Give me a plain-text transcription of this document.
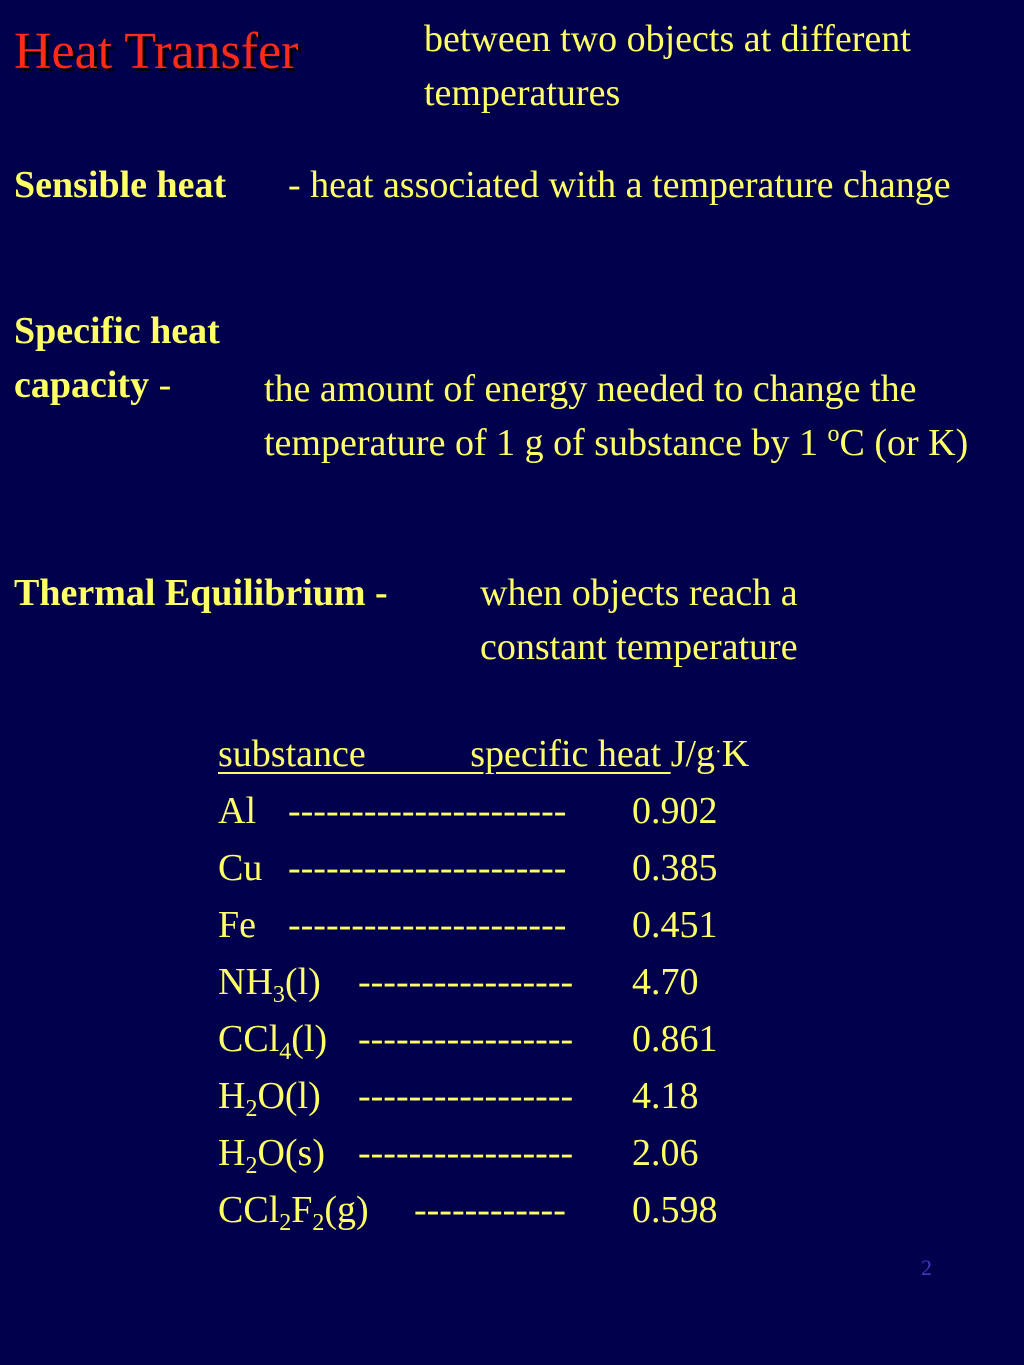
Heat Transfer	between two objects at different temperatures
Sensible heat - heat associated with a temperature change
Specific heat capacity -	the amount of energy needed to change the temperature of 1 g of substance by 1 $^o$C (or K)
Thermal Equilibrium - when objects reach a constant temperature
substance           specific heat J/g·K
Al ---------------------- 0.902
Cu ---------------------- 0.385
Fe ---------------------- 0.451
$NH_3(l)$ ----------------- 4.70
CCl$_4$(l) ----------------- 0.861
$H_2O(l)$ ----------------- 4.18
$H_2O(s)$ ----------------- 2.06
$CCl_2F_2(g)$	------------ 0.598
2
